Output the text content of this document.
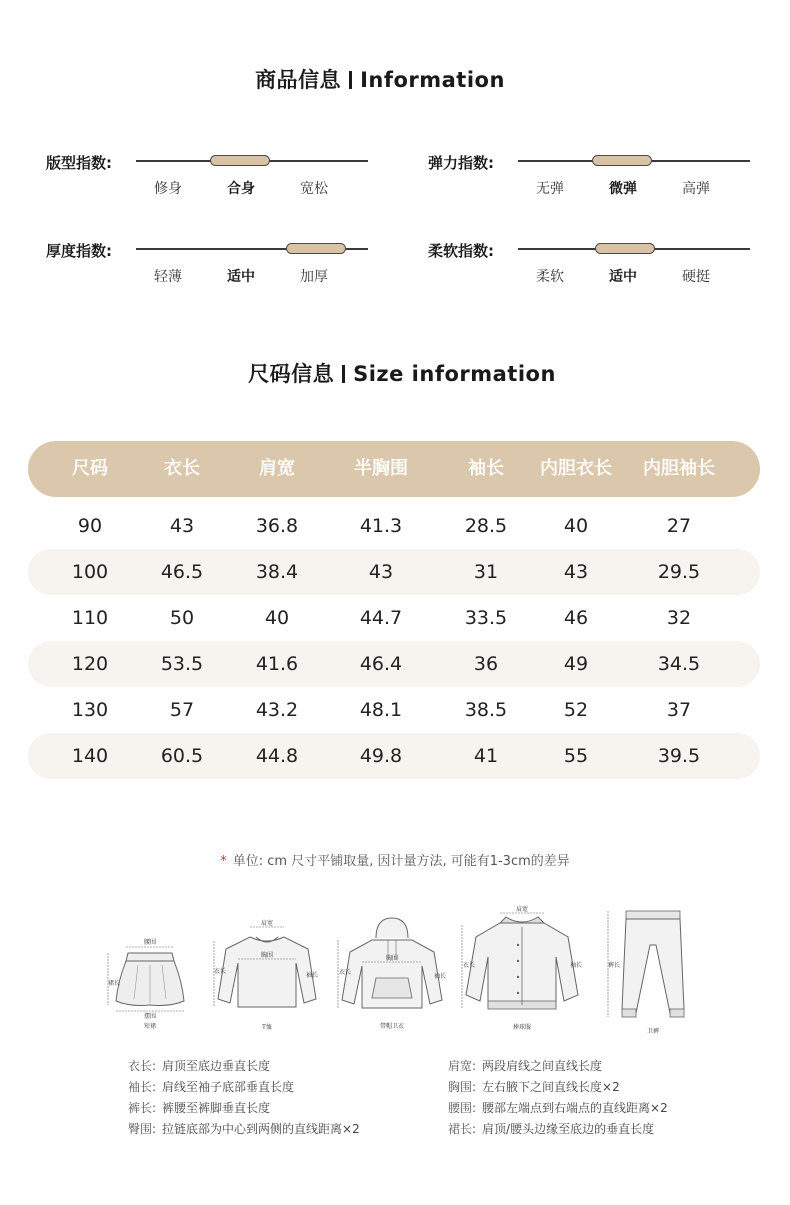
商品信息 Information
版型指数:
修身	合身	宽松
弹力指数:
无弹	微弹	高弹
厚度指数:
轻薄	适中	加厚
柔软指数:
柔软	适中	硬挺
尺码信息 Size information
尺码	衣长	肩宽	半胸围	袖长	内胆衣长	内胆袖长
90	43	36.8	41.3	28.5	40	27
100	46.5	38.4	43	31	43	29.5
110	50	40	44.7	33.5	46	32
120	53.5	41.6	46.4	36	49	34.5
130	57	43.2	48.1	38.5	52	37
140	60.5	44.8	49.8	41	55	39.5
* 单位: cm 尺寸平铺取量, 因计量方法, 可能有1-3cm的差异
腰围
摆围
裙长
短裙
肩宽
胸围
衣长
袖长
T恤
胸围
衣长
袖长
带帽卫衣
肩宽
衣长	袖长
棒球服
裤长
卫裤
衣长: 肩顶至底边垂直长度
袖长: 肩线至袖子底部垂直长度
裤长: 裤腰至裤脚垂直长度
臀围: 拉链底部为中心到两侧的直线距离×2
肩宽: 两段肩线之间直线长度
胸围: 左右腋下之间直线长度×2
腰围: 腰部左端点到右端点的直线距离×2
裙长: 肩顶/腰头边缘至底边的垂直长度
